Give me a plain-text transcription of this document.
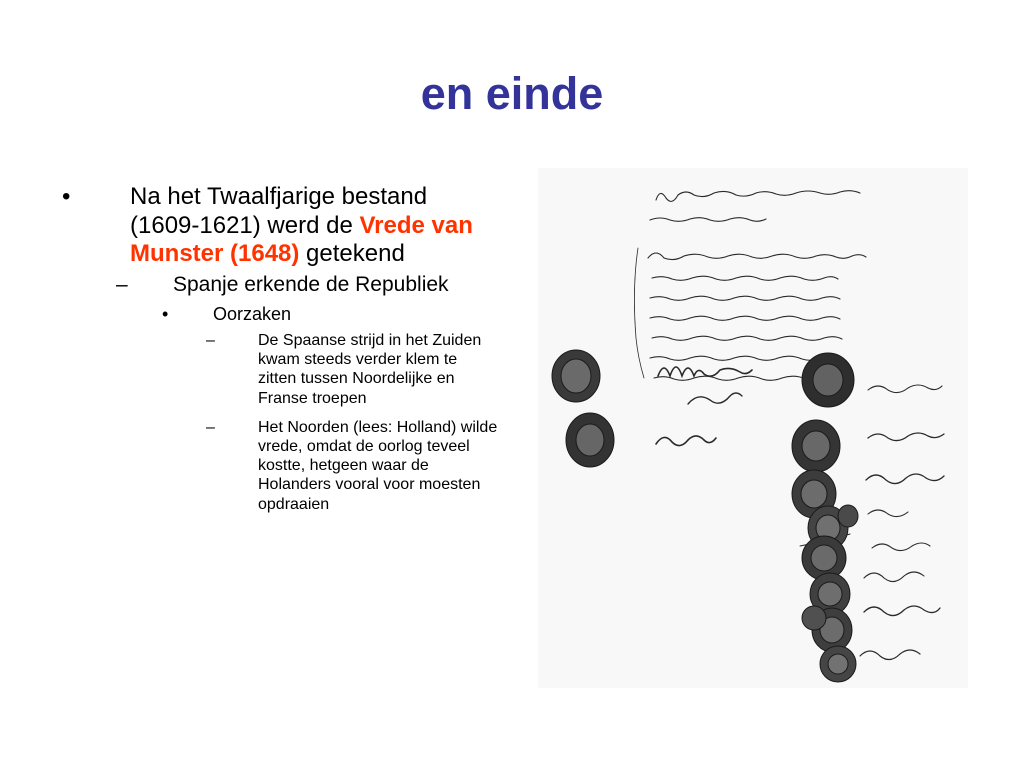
en einde
• Na het Twaalfjarige bestand (1609-1621) werd de Vrede van Munster (1648) getekend
– Spanje erkende de Republiek
• Oorzaken
–	De Spaanse strijd in het Zuiden kwam steeds verder klem te zitten tussen Noordelijke en Franse troepen
–	Het Noorden (lees: Holland) wilde vrede, omdat de oorlog teveel kostte, hetgeen waar de Holanders vooral voor moesten opdraaien
